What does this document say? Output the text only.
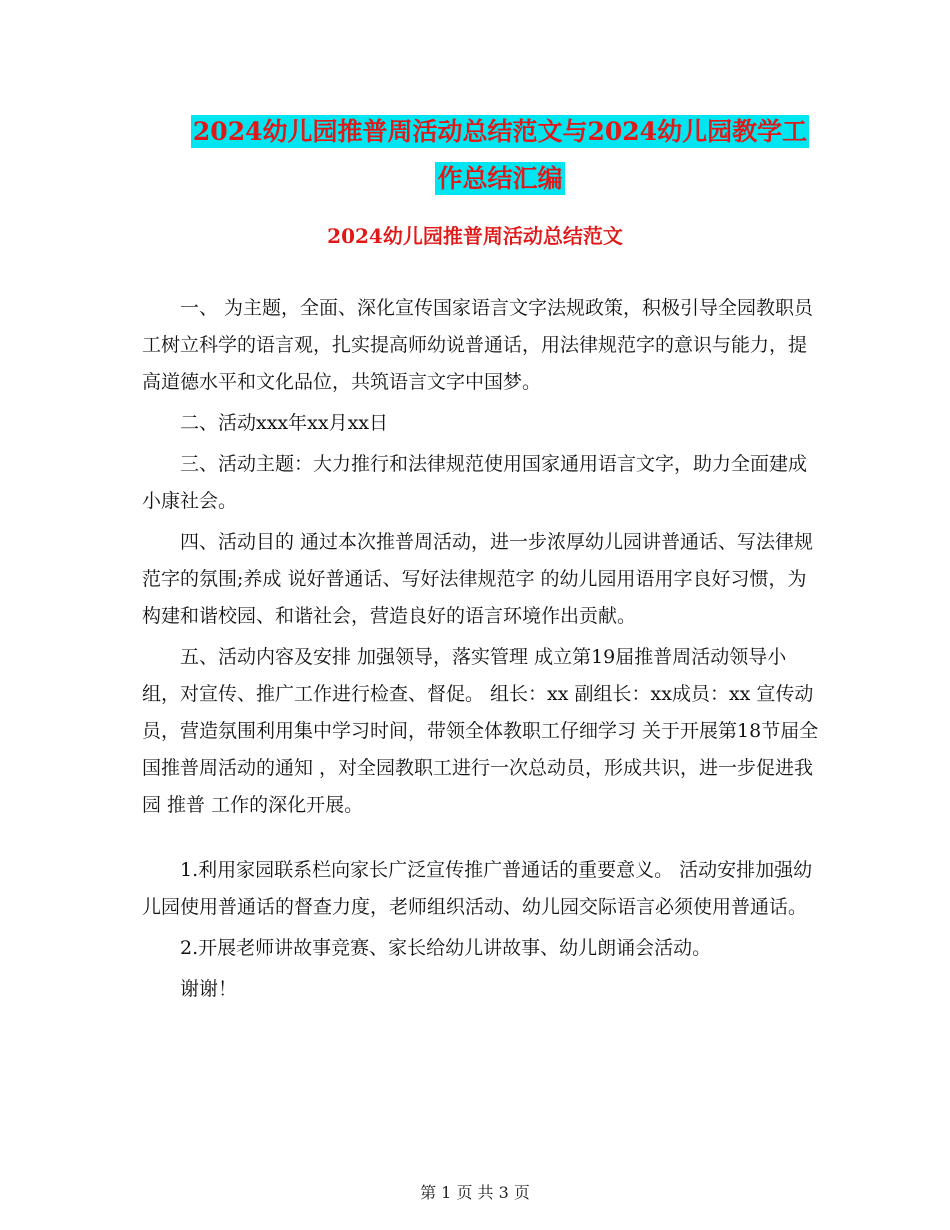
2024幼儿园推普周活动总结范文与2024幼儿园教学工
作总结汇编
2024幼儿园推普周活动总结范文

一、 为主题，全面、深化宣传国家语言文字法规政策，积极引导全园教职员工树立科学的语言观，扎实提高师幼说普通话，用法律规范字的意识与能力，提高道德水平和文化品位，共筑语言文字中国梦。

二、活动xxx年xx月xx日

三、活动主题：大力推行和法律规范使用国家通用语言文字，助力全面建成小康社会。

四、活动目的 通过本次推普周活动，进一步浓厚幼儿园讲普通话、写法律规范字的氛围;养成 说好普通话、写好法律规范字 的幼儿园用语用字良好习惯，为构建和谐校园、和谐社会，营造良好的语言环境作出贡献。

五、活动内容及安排 加强领导，落实管理 成立第19届推普周活动领导小组，对宣传、推广工作进行检查、督促。 组长：xx 副组长：xx成员：xx 宣传动员，营造氛围利用集中学习时间，带领全体教职工仔细学习 关于开展第18节届全国推普周活动的通知 ，对全园教职工进行一次总动员，形成共识，进一步促进我园 推普 工作的深化开展。

1.利用家园联系栏向家长广泛宣传推广普通话的重要意义。 活动安排加强幼儿园使用普通话的督查力度，老师组织活动、幼儿园交际语言必须使用普通话。

2.开展老师讲故事竞赛、家长给幼儿讲故事、幼儿朗诵会活动。

谢谢！

第 1 页 共 3 页
